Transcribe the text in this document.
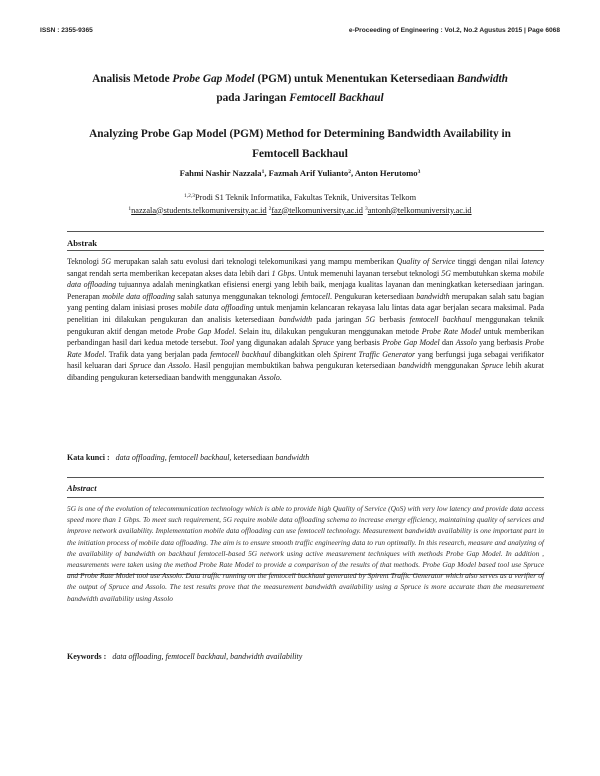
ISSN : 2355-9365	e-Proceeding of Engineering : Vol.2, No.2 Agustus 2015 | Page 6068
Analisis Metode Probe Gap Model (PGM) untuk Menentukan Ketersediaan Bandwidth
pada Jaringan Femtocell Backhaul
Analyzing Probe Gap Model (PGM) Method for Determining Bandwidth Availability in
Femtocell Backhaul
Fahmi Nashir Nazzala$^1$, Fazmah Arif Yulianto$^2$, Anton Herutomo$^3$
$^{1,2,3}$Prodi S1 Teknik Informatika, Fakultas Teknik, Universitas Telkom
$^1$nazzala@students.telkomuniversity.ac.id $^2$faz@telkomuniversity.ac.id $^3$antonh@telkomuniversity.ac.id
Abstrak

Teknologi 5G merupakan salah satu evolusi dari teknologi telekomunikasi yang mampu memberikan Quality of Service tinggi dengan nilai latency sangat rendah serta memberikan kecepatan akses data lebih dari 1 Gbps. Untuk memenuhi layanan tersebut teknologi 5G membutuhkan skema mobile data offloading tujuannya adalah meningkatkan efisiensi energi yang lebih baik, menjaga kualitas layanan dan meningkatkan ketersediaan jaringan. Penerapan mobile data offloading salah satunya menggunakan teknologi femtocell. Pengukuran ketersediaan bandwidth merupakan salah satu bagian yang penting dalam inisiasi proses mobile data offloading untuk menjamin kelancaran rekayasa lalu lintas data agar berjalan secara maksimal. Pada penelitian ini dilakukan pengukuran dan analisis ketersediaan bandwidth pada jaringan 5G berbasis femtocell backhaul menggunakan teknik pengukuran aktif dengan metode Probe Gap Model. Selain itu, dilakukan pengukuran menggunakan metode Probe Rate Model untuk memberikan perbandingan hasil dari kedua metode tersebut. Tool yang digunakan adalah Spruce yang berbasis Probe Gap Model dan Assolo yang berbasis Probe Rate Model. Trafik data yang berjalan pada femtocell backhaul dibangkitkan oleh Spirent Traffic Generator yang berfungsi juga sebagai verifikator hasil keluaran dari Spruce dan Assolo. Hasil pengujian membuktikan bahwa pengukuran ketersediaan bandwidth menggunakan Spruce lebih akurat dibanding pengukuran ketersediaan bandwith menggunakan Assolo.

Kata kunci : data offloading, femtocell backhaul, ketersediaan bandwidth
Abstract

5G is one of the evolution of telecommunication technology which is able to provide high Quality of Service (QoS) with very low latency and provide data access speed more than 1 Gbps. To meet such requirement, 5G require mobile data offloading schema to increase energy efficiency, maintaining quality of services and improve network availability. Implementation mobile data offloading can use femtocell technology. Measurement bandwidth availability is one important part in the initiation process of mobile data offloading. The aim is to ensure smooth traffic engineering data to run optimally. In this research, measure and analyzing of the availability of bandwidth on backhaul femtocell-based 5G network using active measurement techniques with methods Probe Gap Model. In addition , measurements were taken using the method Probe Rate Model to provide a comparison of the results of that methods. Probe Gap Model based tool use Spruce and Probe Rate Model tool use Assolo. Data traffic running on the femtocell backhaul generated by Spirent Traffic Generator which also serves as a verifier of the output of Spruce and Assolo. The test results prove that the measurement bandwidth availability using a Spruce is more accurate than the measurement bandwidth availability using Assolo

Keywords : data offloading, femtocell backhaul, bandwidth availability
